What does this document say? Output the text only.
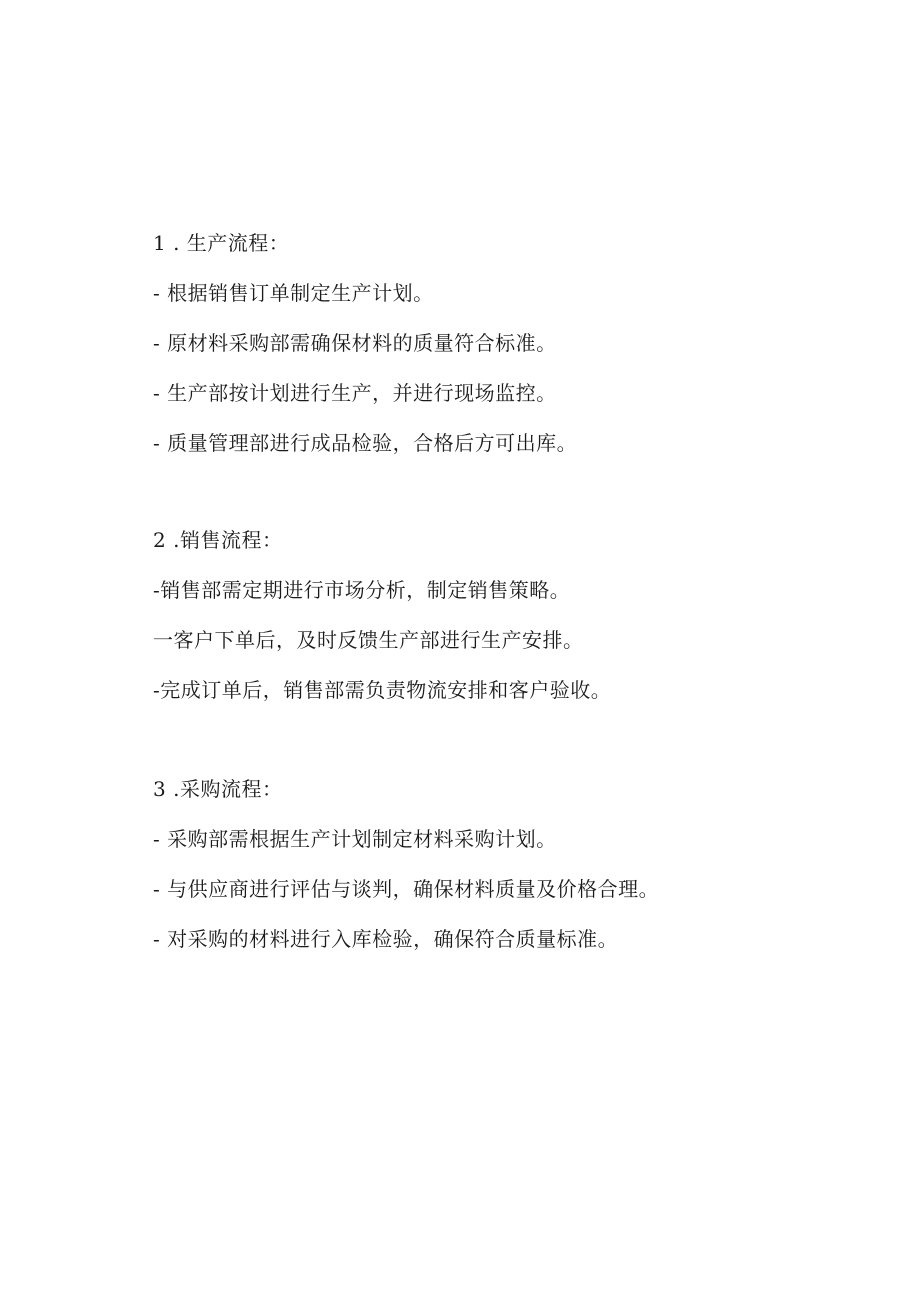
1 . 生产流程：
- 根据销售订单制定生产计划。
- 原材料采购部需确保材料的质量符合标准。
- 生产部按计划进行生产，并进行现场监控。
- 质量管理部进行成品检验，合格后方可出库。
2 .销售流程：
-销售部需定期进行市场分析，制定销售策略。
一客户下单后，及时反馈生产部进行生产安排。
-完成订单后，销售部需负责物流安排和客户验收。
3 .采购流程：
- 采购部需根据生产计划制定材料采购计划。
- 与供应商进行评估与谈判，确保材料质量及价格合理。
- 对采购的材料进行入库检验，确保符合质量标准。
